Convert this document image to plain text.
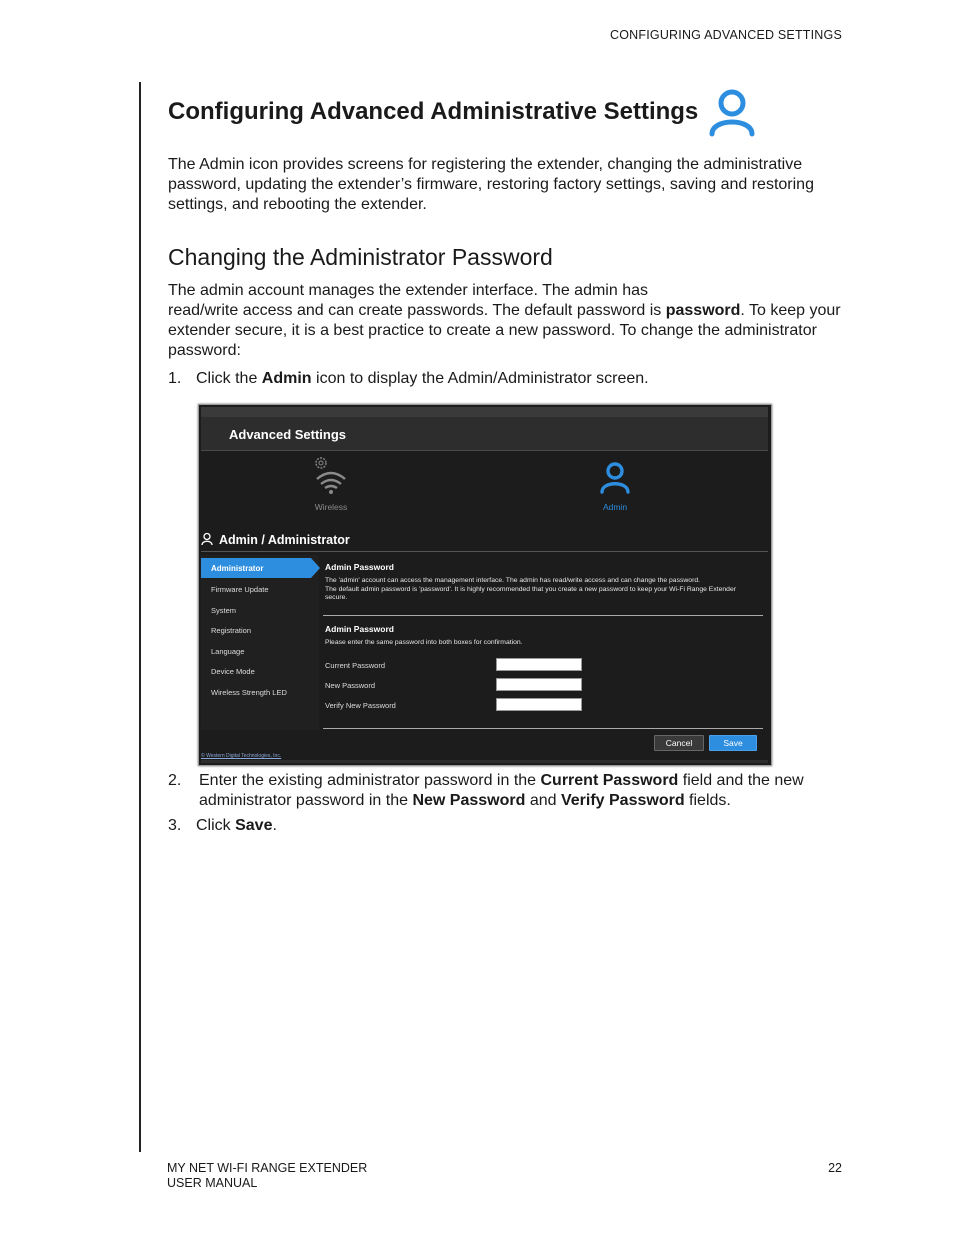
CONFIGURING ADVANCED SETTINGS
Configuring Advanced Administrative Settings

The Admin icon provides screens for registering the extender, changing the administrative password, updating the extender’s firmware, restoring factory settings, saving and restoring settings, and rebooting the extender.

Changing the Administrator Password

The admin account manages the extender interface. The admin has
read/write access and can create passwords. The default password is password. To keep your extender secure, it is a best practice to create a new password. To change the administrator password:

1. Click the Admin icon to display the Admin/Administrator screen.
Advanced Settings
Wireless	Admin
Admin / Administrator
Administrator
Firmware Update
System
Registration
Language
Device Mode
Wireless Strength LED
Admin Password
The 'admin' account can access the management interface. The admin has read/write access and can change the password.
The default admin password is 'password'. It is highly recommended that you create a new password to keep your Wi-Fi Range Extender
secure.
Admin Password
Please enter the same password into both boxes for confirmation.
Current Password
New Password
Verify New Password
Cancel	Save
© Western Digital Technologies, Inc.
2. Enter the existing administrator password in the Current Password field and the new administrator password in the New Password and Verify Password fields.
3. Click Save.
MY NET WI-FI RANGE EXTENDER
USER MANUAL
22
